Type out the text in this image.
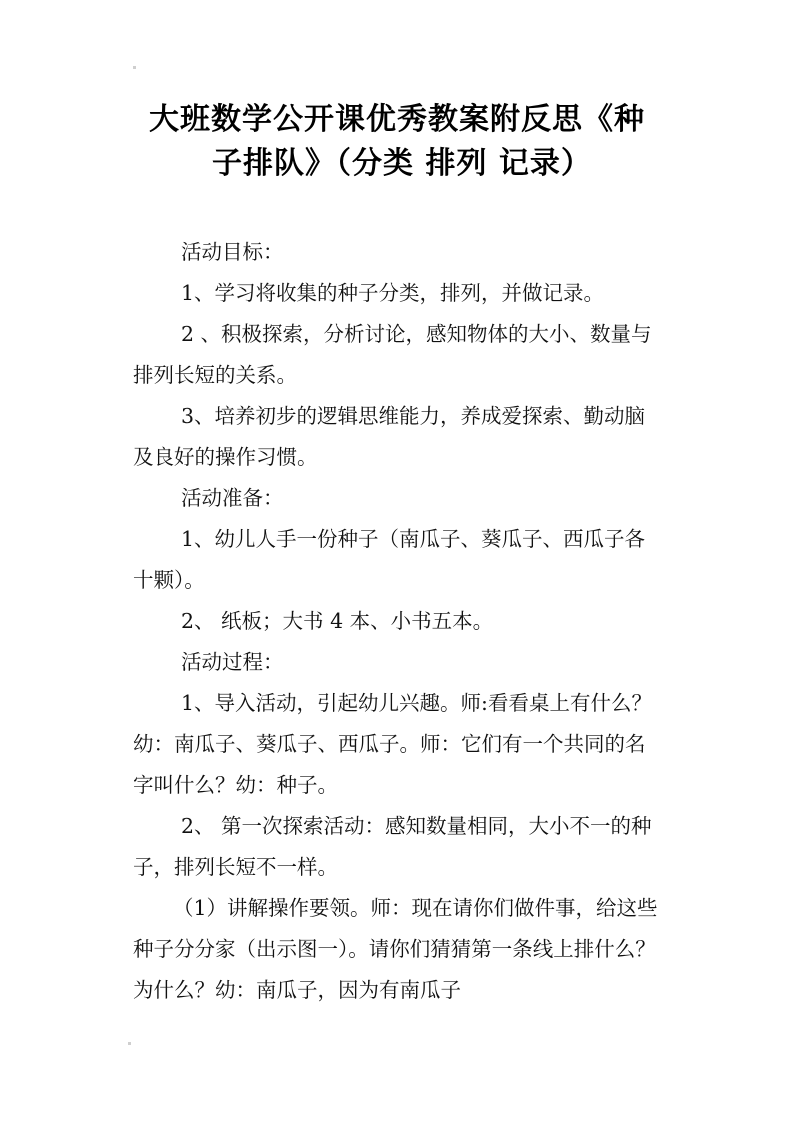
大班数学公开课优秀教案附反思《种
子排队》（分类 排列 记录）

活动目标：

1、学习将收集的种子分类，排列，并做记录。

2 、积极探索，分析讨论，感知物体的大小、数量与排列长短的关系。

3、培养初步的逻辑思维能力，养成爱探索、勤动脑及良好的操作习惯。

活动准备：

1、幼儿人手一份种子（南瓜子、葵瓜子、西瓜子各十颗）。

2、 纸板；大书 4 本、小书五本。

活动过程：

1、导入活动，引起幼儿兴趣。师:看看桌上有什么？幼：南瓜子、葵瓜子、西瓜子。师：它们有一个共同的名字叫什么？幼：种子。

2、 第一次探索活动：感知数量相同，大小不一的种子，排列长短不一样。

（1）讲解操作要领。师：现在请你们做件事，给这些种子分分家（出示图一）。请你们猜猜第一条线上排什么？为什么？幼：南瓜子，因为有南瓜子
